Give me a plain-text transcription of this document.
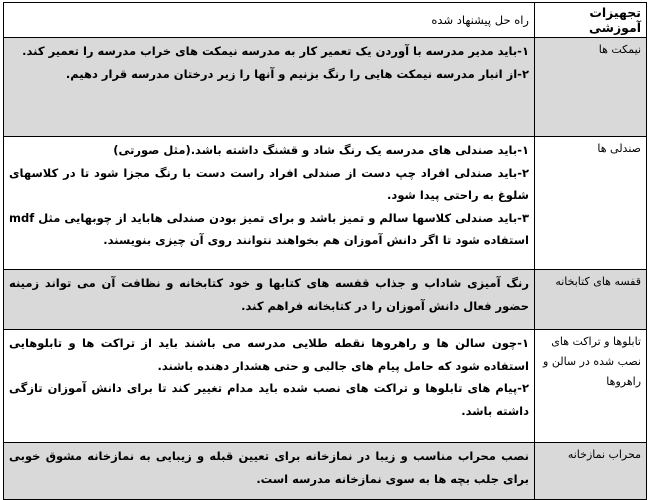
تجهیزات آموزشی	راه حل پیشنهاد شده
نیمکت ها	۱-باید مدیر مدرسه با آوردن یک تعمیر کار به مدرسه نیمکت های خراب مدرسه را تعمیر کند.

۲-از انبار مدرسه نیمکت هایی را رنگ بزنیم و آنها را زیر درختان مدرسه قرار دهیم.

صندلی ها	۱-باید صندلی های مدرسه یک رنگ شاد و قشنگ داشته باشد.(مثل صورتی)

۲-باید صندلی افراد چپ دست از صندلی افراد راست دست با رنگ مجزا شود تا در کلاسهای شلوغ به راحتی پیدا شود.

۳-باید صندلی کلاسها سالم و تمیز باشد و برای تمیز بودن صندلی هاباید از چوبهایی مثل mdf استفاده شود تا اگر دانش آموزان هم بخواهند نتوانند روی آن چیزی بنویسند.

قفسه های کتابخانه	رنگ آمیزی شاداب و جذاب قفسه های کتابها و خود کتابخانه و نظافت آن می تواند زمینه حضور فعال دانش آموزان را در کتابخانه فراهم کند.

تابلوها و تراکت های نصب شده در سالن و راهروها	۱-چون سالن ها و راهروها نقطه طلایی مدرسه می باشند باید از تراکت ها و تابلوهایی استفاده شود که حامل پیام های جالبی و حتی هشدار دهنده باشند.

۲-پیام های تابلوها و تراکت های نصب شده باید مدام تغییر کند تا برای دانش آموزان تازگی داشته باشد.

محراب نمازخانه	نصب محراب مناسب و زیبا در نمازخانه برای تعیین قبله و زیبایی به نمازخانه مشوق خوبی برای جلب بچه ها به سوی نمازخانه مدرسه است.
